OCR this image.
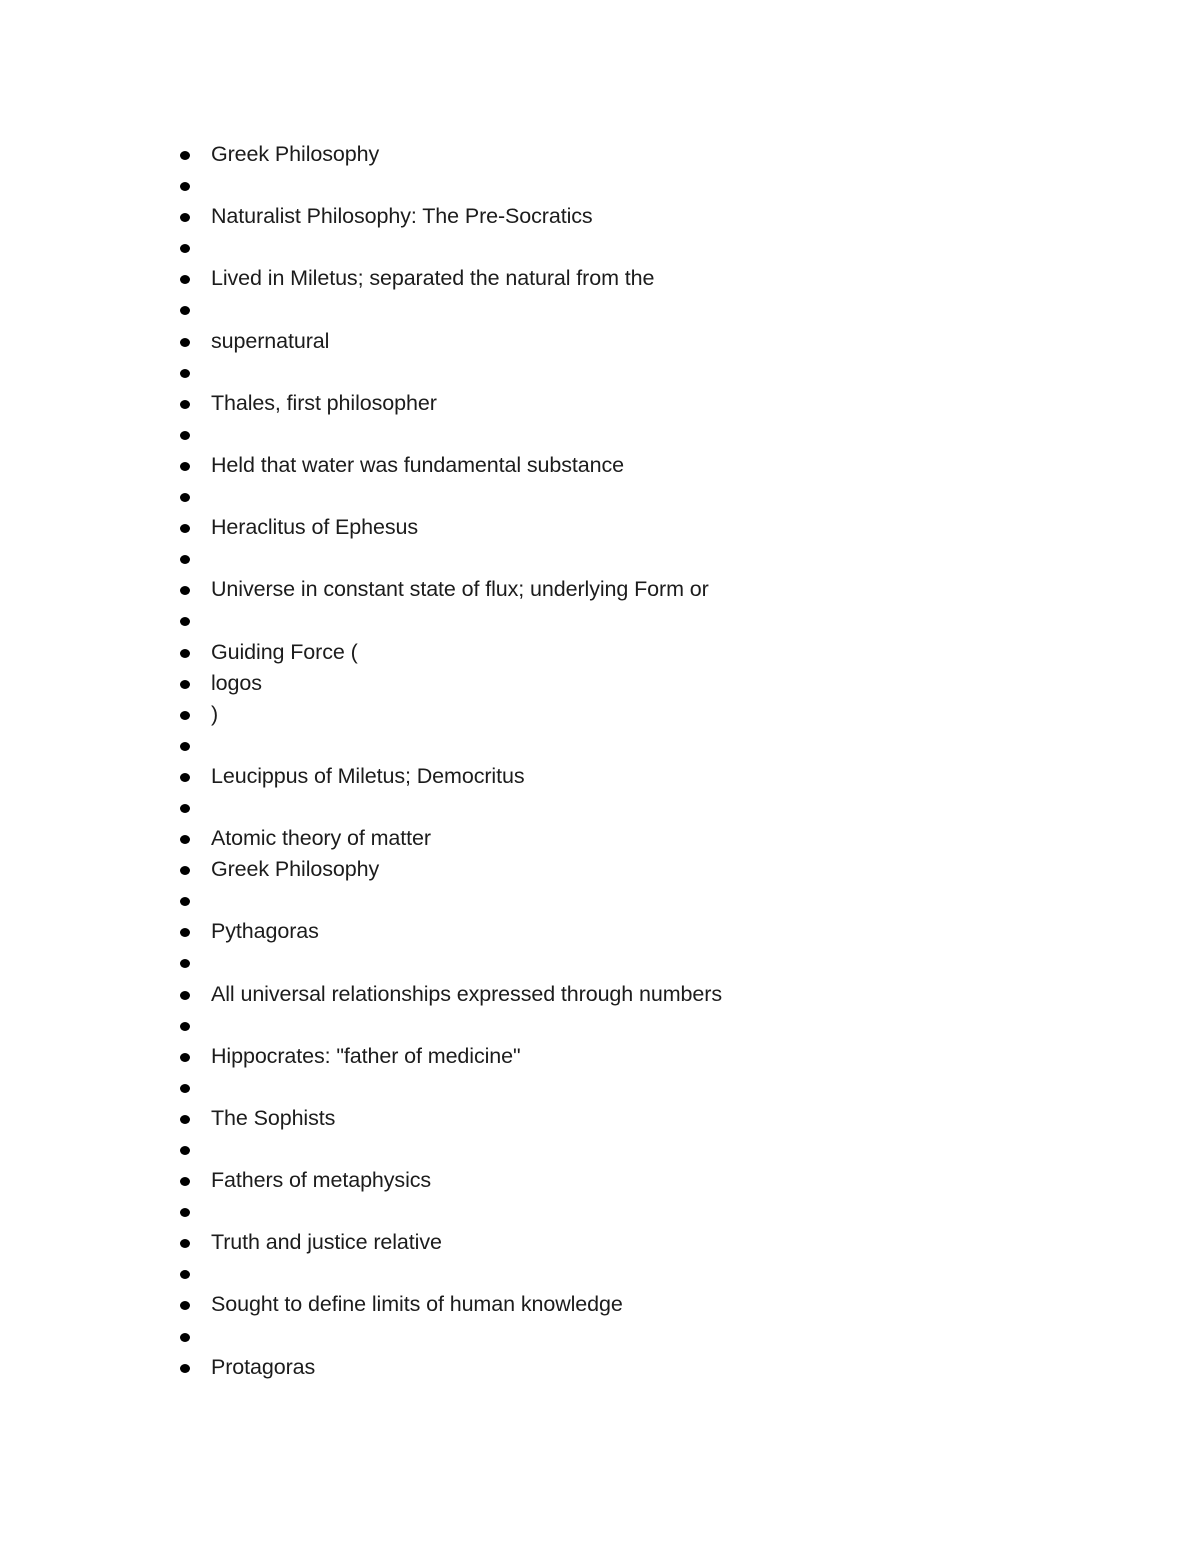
Greek Philosophy
Naturalist Philosophy: The Pre-Socratics
Lived in Miletus; separated the natural from the
supernatural
Thales, first philosopher
Held that water was fundamental substance
Heraclitus of Ephesus
Universe in constant state of flux; underlying Form or
Guiding Force (
logos
)
Leucippus of Miletus; Democritus
Atomic theory of matter
Greek Philosophy
Pythagoras
All universal relationships expressed through numbers
Hippocrates: "father of medicine"
The Sophists
Fathers of metaphysics
Truth and justice relative
Sought to define limits of human knowledge
Protagoras
